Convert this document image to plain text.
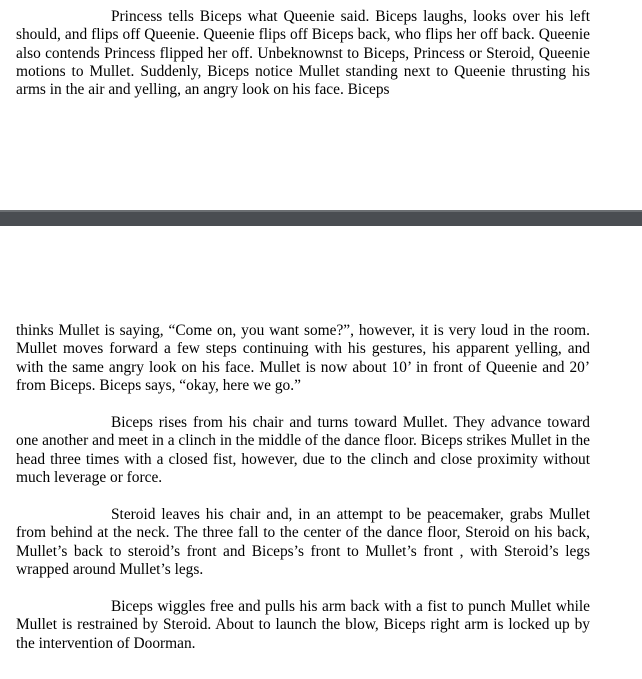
Princess tells Biceps what Queenie said. Biceps laughs, looks over his left should, and flips off Queenie. Queenie flips off Biceps back, who flips her off back. Queenie also contends Princess flipped her off. Unbeknownst to Biceps, Princess or Steroid, Queenie motions to Mullet. Suddenly, Biceps notice Mullet standing next to Queenie thrusting his arms in the air and yelling, an angry look on his face. Biceps

thinks Mullet is saying, “Come on, you want some?”, however, it is very loud in the room. Mullet moves forward a few steps continuing with his gestures, his apparent yelling, and with the same angry look on his face. Mullet is now about 10’ in front of Queenie and 20’ from Biceps. Biceps says, “okay, here we go.”

Biceps rises from his chair and turns toward Mullet. They advance toward one another and meet in a clinch in the middle of the dance floor. Biceps strikes Mullet in the head three times with a closed fist, however, due to the clinch and close proximity without much leverage or force.

Steroid leaves his chair and, in an attempt to be peacemaker, grabs Mullet from behind at the neck. The three fall to the center of the dance floor, Steroid on his back, Mullet’s back to steroid’s front and Biceps’s front to Mullet’s front , with Steroid’s legs wrapped around Mullet’s legs.

Biceps wiggles free and pulls his arm back with a fist to punch Mullet while Mullet is restrained by Steroid. About to launch the blow, Biceps right arm is locked up by the intervention of Doorman.
